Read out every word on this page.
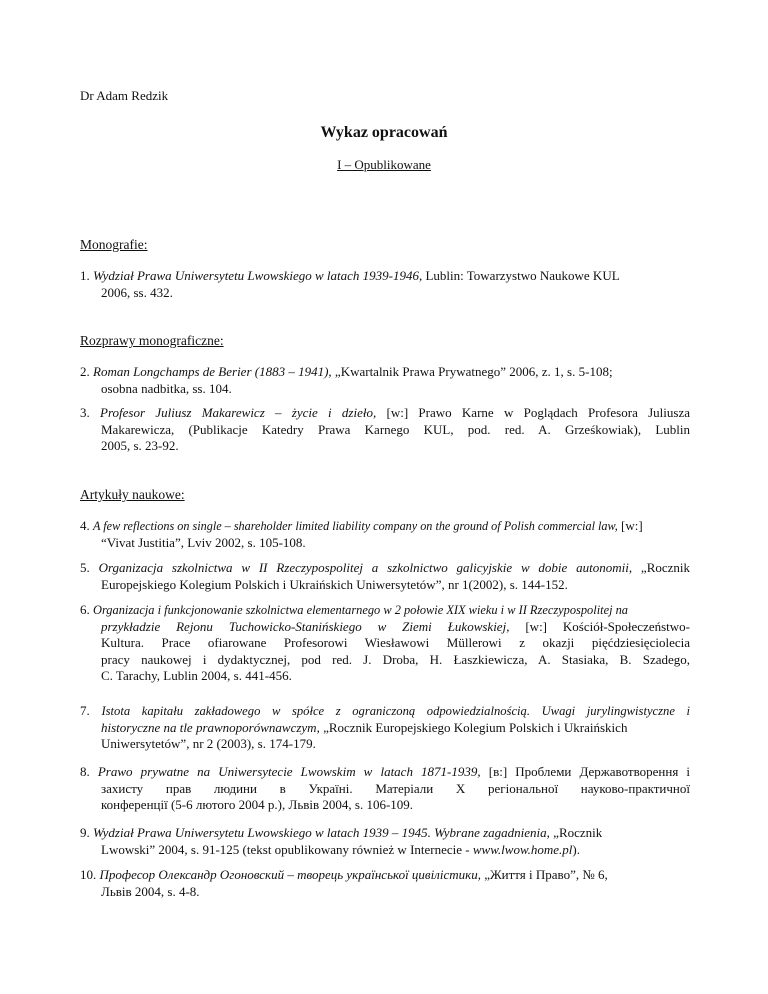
Dr Adam Redzik
Wykaz opracowań
I – Opublikowane
Monografie:
1. Wydział Prawa Uniwersytetu Lwowskiego w latach 1939-1946, Lublin: Towarzystwo Naukowe KUL
2006, ss. 432.
Rozprawy monograficzne:
2. Roman Longchamps de Berier (1883 – 1941), „Kwartalnik Prawa Prywatnego” 2006, z. 1, s. 5-108;
osobna nadbitka, ss. 104.
3. Profesor Juliusz Makarewicz – życie i dzieło, [w:] Prawo Karne w Poglądach Profesora Juliusza
Makarewicza, (Publikacje Katedry Prawa Karnego KUL, pod. red. A. Grześkowiak), Lublin
2005, s. 23-92.
Artykuły naukowe:
4. A few reflections on single – shareholder limited liability company on the ground of Polish commercial law, [w:]
“Vivat Justitia”, Lviv 2002, s. 105-108.
5. Organizacja szkolnictwa w II Rzeczypospolitej a szkolnictwo galicyjskie w dobie autonomii, „Rocznik
Europejskiego Kolegium Polskich i Ukraińskich Uniwersytetów”, nr 1(2002), s. 144-152.
6. Organizacja i funkcjonowanie szkolnictwa elementarnego w 2 połowie XIX wieku i w II Rzeczypospolitej na
przykładzie Rejonu Tuchowicko-Stanińskiego w Ziemi Łukowskiej, [w:] Kościół-Społeczeństwo-
Kultura. Prace ofiarowane Profesorowi Wiesławowi Müllerowi z okazji pięćdziesięciolecia
pracy naukowej i dydaktycznej, pod red. J. Droba, H. Łaszkiewicza, A. Stasiaka, B. Szadego,
C. Tarachy, Lublin 2004, s. 441-456.
7. Istota kapitału zakładowego w spółce z ograniczoną odpowiedzialnością. Uwagi jurylingwistyczne i
historyczne na tle prawnoporównawczym, „Rocznik Europejskiego Kolegium Polskich i Ukraińskich
Uniwersytetów”, nr 2 (2003), s. 174-179.
8. Prawo prywatne na Uniwersytecie Lwowskim w latach 1871-1939, [в:] Проблеми Державотворення і
захисту прав людини в Україні. Матеріали X регіональної науково-практичної
конференції (5-6 лютого 2004 р.), Львів 2004, s. 106-109.
9. Wydział Prawa Uniwersytetu Lwowskiego w latach 1939 – 1945. Wybrane zagadnienia, „Rocznik
Lwowski” 2004, s. 91-125 (tekst opublikowany również w Internecie - www.lwow.home.pl).
10. Професор Олександр Огоновский – творець української цивілістики, „Життя і Право”, № 6,
Львів 2004, s. 4-8.
